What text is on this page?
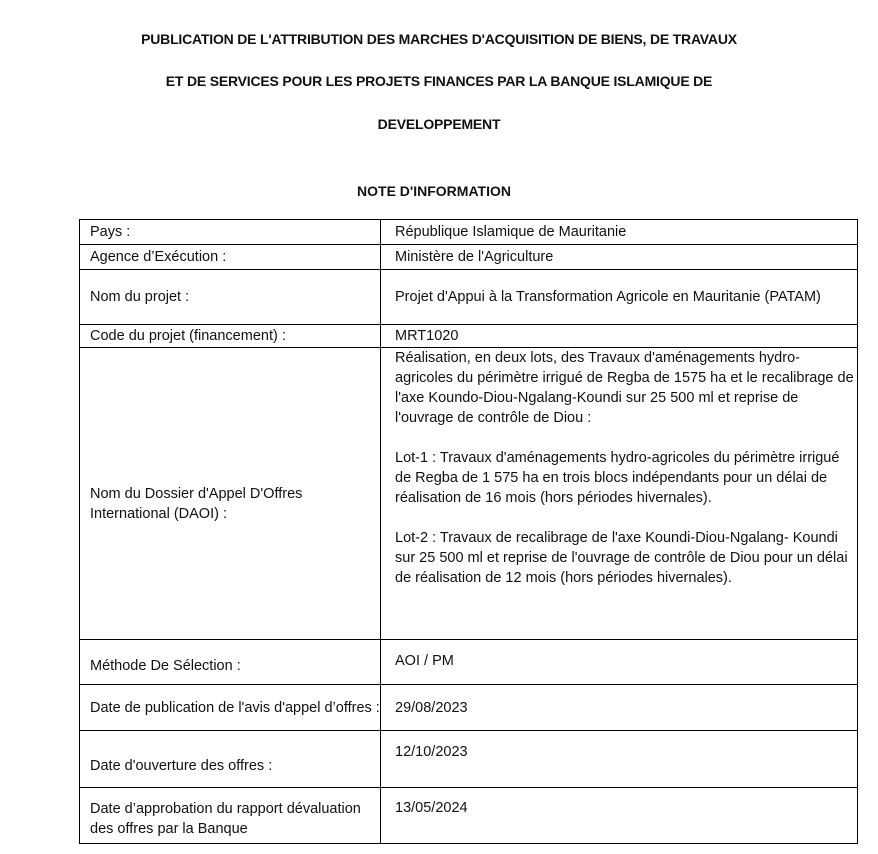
PUBLICATION DE L'ATTRIBUTION DES MARCHES D'ACQUISITION DE BIENS, DE TRAVAUX
ET DE SERVICES POUR LES PROJETS FINANCES PAR LA BANQUE ISLAMIQUE DE
DEVELOPPEMENT
NOTE D'INFORMATION
Pays :	République Islamique de Mauritanie
Agence d’Exécution :	Ministère de l'Agriculture
Nom du projet :	Projet d'Appui à la Transformation Agricole en Mauritanie (PATAM)
Code du projet (financement) :	MRT1020
Nom du Dossier d'Appel D'Offres International (DAOI) :	Réalisation, en deux lots, des Travaux d'aménagements hydro-agricoles du périmètre irrigué de Regba de 1575 ha et le recalibrage de l'axe Koundo-Diou-Ngalang-Koundi sur 25 500 ml et reprise de l'ouvrage de contrôle de Diou :

Lot-1 : Travaux d'aménagements hydro-agricoles du périmètre irrigué de Regba de 1 575 ha en trois blocs indépendants pour un délai de réalisation de 16 mois (hors périodes hivernales).

Lot-2 : Travaux de recalibrage de l'axe Koundi-Diou-Ngalang- Koundi sur 25 500 ml et reprise de l'ouvrage de contrôle de Diou pour un délai de réalisation de 12 mois (hors périodes hivernales).

Méthode De Sélection :	AOI / PM
Date de publication de l'avis d'appel d’offres :	29/08/2023
Date d'ouverture des offres :	12/10/2023
Date d’approbation du rapport dévaluation des offres par la Banque	13/05/2024
